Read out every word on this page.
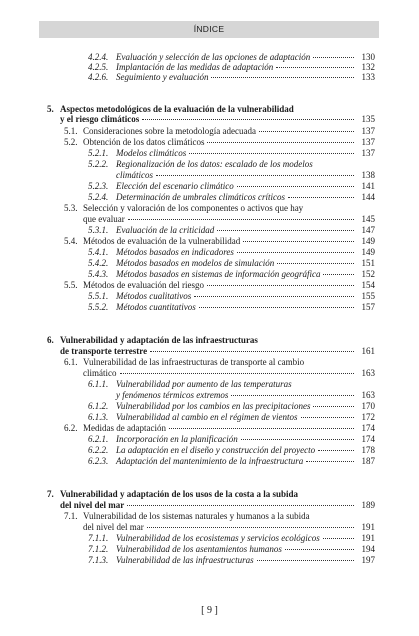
ÍNDICE
4.2.4. Evaluación y selección de las opciones de adaptación	130
4.2.5. Implantación de las medidas de adaptación	132
4.2.6. Seguimiento y evaluación	133
5. Aspectos metodológicos de la evaluación de la vulnerabilidad
y el riesgo climáticos	135
5.1. Consideraciones sobre la metodología adecuada	137
5.2. Obtención de los datos climáticos	137
5.2.1. Modelos climáticos	137
5.2.2. Regionalización de los datos: escalado de los modelos
climáticos	138
5.2.3. Elección del escenario climático	141
5.2.4. Determinación de umbrales climáticos críticos	144
5.3. Selección y valoración de los componentes o activos que hay
que evaluar	145
5.3.1. Evaluación de la criticidad	147
5.4. Métodos de evaluación de la vulnerabilidad	149
5.4.1. Métodos basados en indicadores	149
5.4.2. Métodos basados en modelos de simulación	151
5.4.3. Métodos basados en sistemas de información geográfica	152
5.5. Métodos de evaluación del riesgo	154
5.5.1. Métodos cualitativos	155
5.5.2. Métodos cuantitativos	157
6. Vulnerabilidad y adaptación de las infraestructuras
de transporte terrestre	161
6.1. Vulnerabilidad de las infraestructuras de transporte al cambio
climático	163
6.1.1. Vulnerabilidad por aumento de las temperaturas
y fenómenos térmicos extremos	163
6.1.2. Vulnerabilidad por los cambios en las precipitaciones	170
6.1.3. Vulnerabilidad al cambio en el régimen de vientos	172
6.2. Medidas de adaptación	174
6.2.1. Incorporación en la planificación	174
6.2.2. La adaptación en el diseño y construcción del proyecto	178
6.2.3. Adaptación del mantenimiento de la infraestructura	187
7. Vulnerabilidad y adaptación de los usos de la costa a la subida
del nivel del mar	189
7.1. Vulnerabilidad de los sistemas naturales y humanos a la subida
del nivel del mar	191
7.1.1. Vulnerabilidad de los ecosistemas y servicios ecológicos	191
7.1.2. Vulnerabilidad de los asentamientos humanos	194
7.1.3. Vulnerabilidad de las infraestructuras	197
[ 9 ]
